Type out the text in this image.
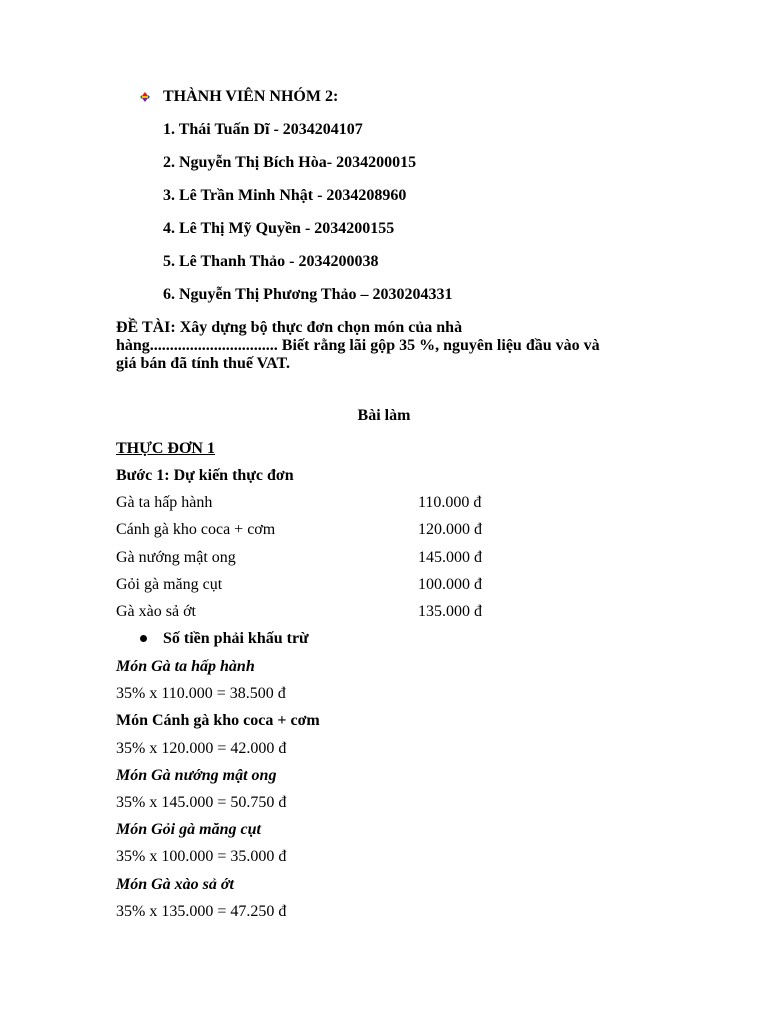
THÀNH VIÊN NHÓM 2:
1. Thái Tuấn Dĩ - 2034204107
2. Nguyễn Thị Bích Hòa- 2034200015
3. Lê Trần Minh Nhật - 2034208960
4. Lê Thị Mỹ Quyền - 2034200155
5. Lê Thanh Thảo - 2034200038
6. Nguyễn Thị Phương Thảo – 2030204331
ĐỀ TÀI: Xây dựng bộ thực đơn chọn món của nhà
hàng................................ Biết rằng lãi gộp 35 %, nguyên liệu đầu vào và
giá bán đã tính thuế VAT.
Bài làm
THỰC ĐƠN 1
Bước 1: Dự kiến thực đơn
Gà ta hấp hành	110.000 đ
Cánh gà kho coca + cơm	120.000 đ
Gà nướng mật ong	145.000 đ
Gỏi gà măng cụt	100.000 đ
Gà xào sả ớt	135.000 đ
Số tiền phải khấu trừ
Món Gà ta hấp hành
35% x 110.000 = 38.500 đ
Món Cánh gà kho coca + cơm
35% x 120.000 = 42.000 đ
Món Gà nướng mật ong
35% x 145.000 = 50.750 đ
Món Gỏi gà măng cụt
35% x 100.000 = 35.000 đ
Món Gà xào sả ớt
35% x 135.000 = 47.250 đ
